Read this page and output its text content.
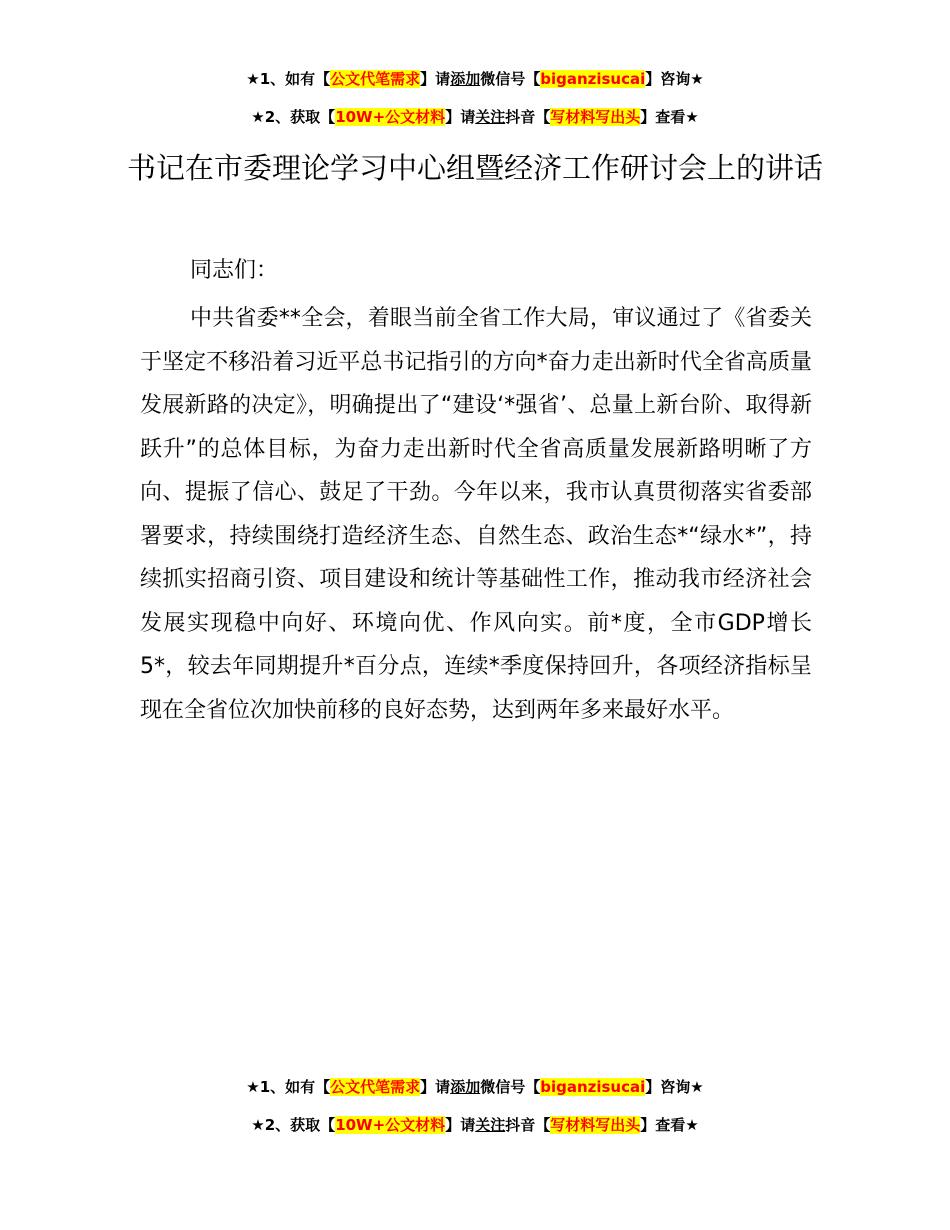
★1、如有【公文代笔需求】请添加微信号【biganzisucai】咨询★
★2、获取【10W+公文材料】请关注抖音【写材料写出头】查看★
书记在市委理论学习中心组暨经济工作研讨会上的讲话

同志们：

中共省委**全会，着眼当前全省工作大局，审议通过了《省委关于坚定不移沿着习近平总书记指引的方向*奋力走出新时代全省高质量发展新路的决定》，明确提出了“建设‘*强省’、总量上新台阶、取得新跃升”的总体目标，为奋力走出新时代全省高质量发展新路明晰了方向、提振了信心、鼓足了干劲。今年以来，我市认真贯彻落实省委部署要求，持续围绕打造经济生态、自然生态、政治生态*“绿水*”，持续抓实招商引资、项目建设和统计等基础性工作，推动我市经济社会发展实现稳中向好、环境向优、作风向实。前*度，全市GDP增长5*，较去年同期提升*百分点，连续*季度保持回升，各项经济指标呈现在全省位次加快前移的良好态势，达到两年多来最好水平。

★1、如有【公文代笔需求】请添加微信号【biganzisucai】咨询★
★2、获取【10W+公文材料】请关注抖音【写材料写出头】查看★
